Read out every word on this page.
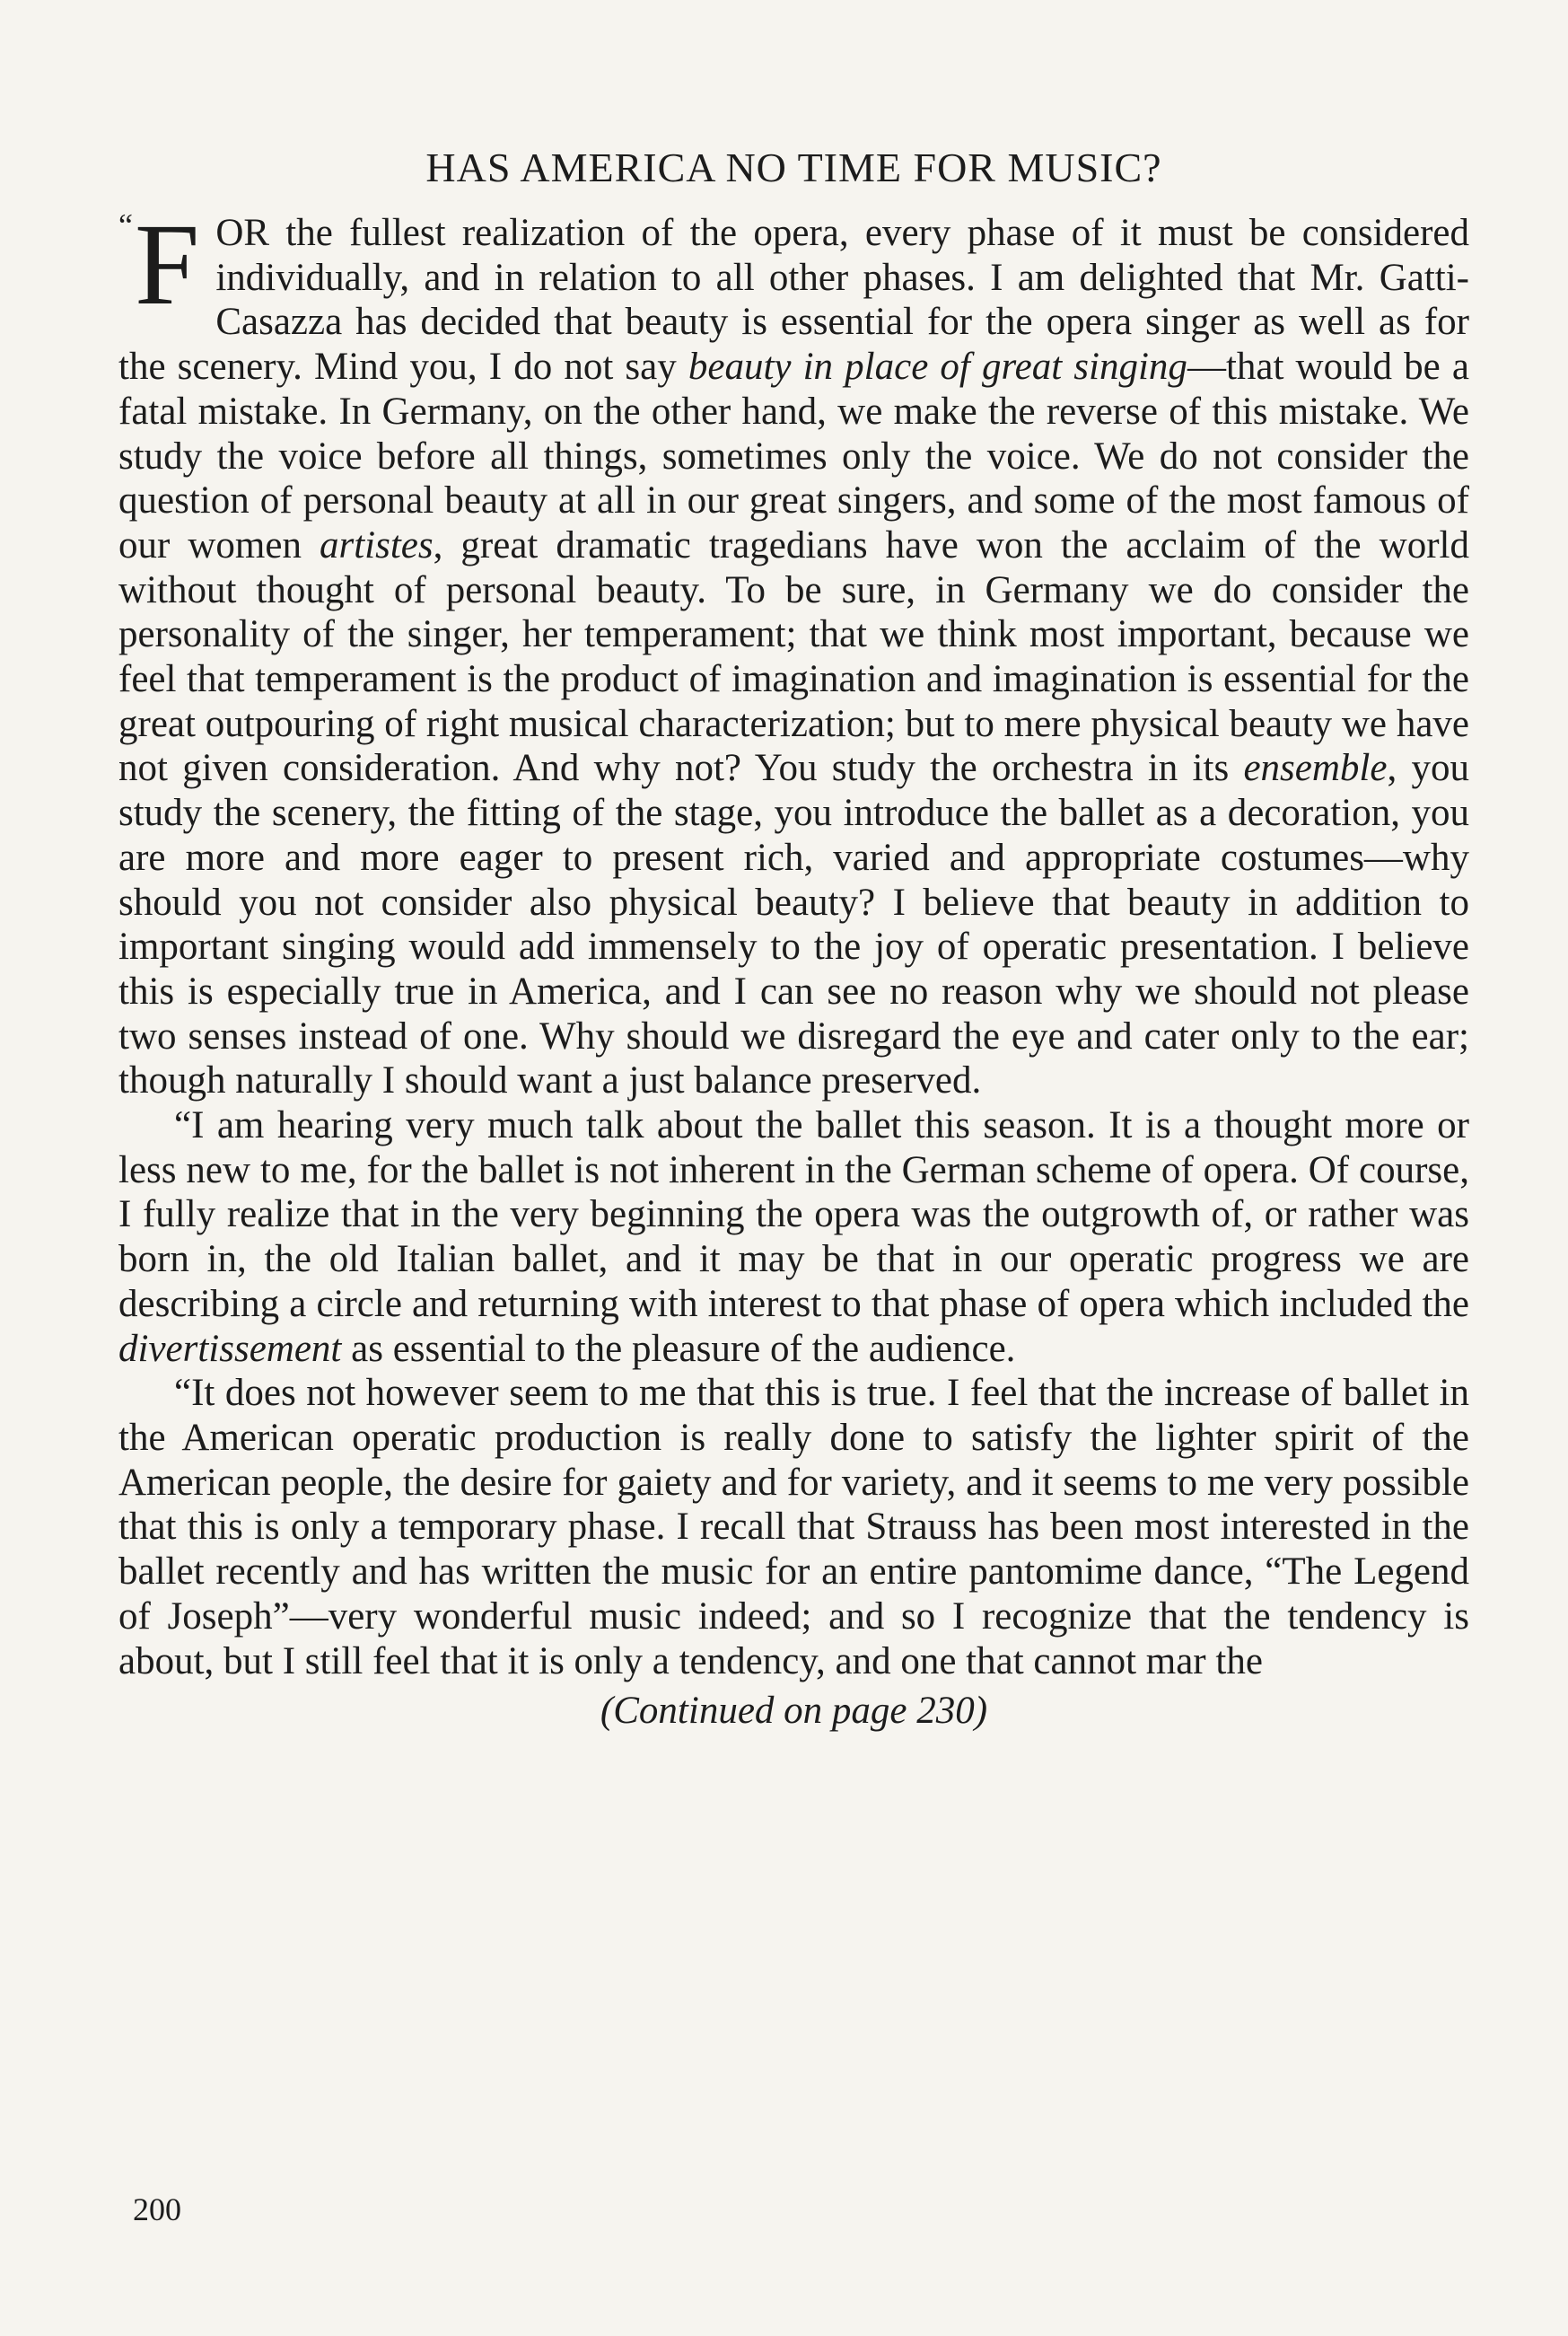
HAS AMERICA NO TIME FOR MUSIC?

“ F OR the fullest realization of the opera, every phase of it must be considered individually, and in relation to all other phases. I am delighted that Mr. Gatti-Casazza has decided that beauty is essential for the opera singer as well as for the scenery. Mind you, I do not say beauty in place of great singing—that would be a fatal mistake. In Germany, on the other hand, we make the reverse of this mistake. We study the voice before all things, sometimes only the voice. We do not consider the question of personal beauty at all in our great singers, and some of the most famous of our women artistes, great dramatic tragedians have won the acclaim of the world without thought of personal beauty. To be sure, in Germany we do consider the personality of the singer, her temperament; that we think most important, because we feel that temperament is the product of imagination and imagination is essential for the great outpouring of right musical characterization; but to mere physical beauty we have not given consideration. And why not? You study the orchestra in its ensemble, you study the scenery, the fitting of the stage, you introduce the ballet as a decoration, you are more and more eager to present rich, varied and appropriate costumes—why should you not consider also physical beauty? I believe that beauty in addition to important singing would add immensely to the joy of operatic presentation. I believe this is especially true in America, and I can see no reason why we should not please two senses instead of one. Why should we disregard the eye and cater only to the ear; though naturally I should want a just balance preserved.

“I am hearing very much talk about the ballet this season. It is a thought more or less new to me, for the ballet is not inherent in the German scheme of opera. Of course, I fully realize that in the very beginning the opera was the outgrowth of, or rather was born in, the old Italian ballet, and it may be that in our operatic progress we are describing a circle and returning with interest to that phase of opera which included the divertissement as essential to the pleasure of the audience.

“It does not however seem to me that this is true. I feel that the increase of ballet in the American operatic production is really done to satisfy the lighter spirit of the American people, the desire for gaiety and for variety, and it seems to me very possible that this is only a temporary phase. I recall that Strauss has been most interested in the ballet recently and has written the music for an entire pantomime dance, “The Legend of Joseph”—very wonderful music indeed; and so I recognize that the tendency is about, but I still feel that it is only a tendency, and one that cannot mar the

(Continued on page 230)
200
